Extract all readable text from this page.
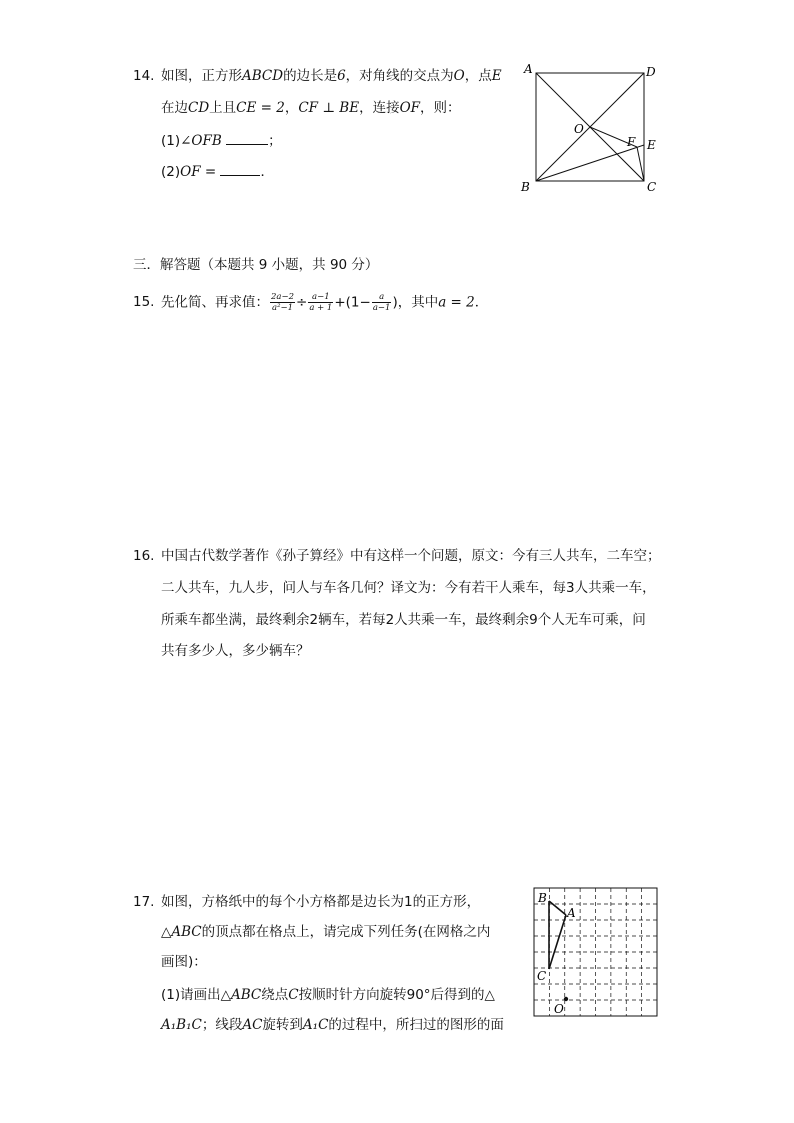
14. 如图，正方形ABCD的边长是6，对角线的交点为O，点E
在边CD上且CE = 2，CF ⊥ BE，连接OF，则：
(1)∠OFB	；
(2)OF =	．
A	D
B	C
O
F E
三．解答题（本题共 9 小题，共 90 分）
15. 先化简、再求值： $\frac{2a-2}{\text{a²−1}} \div \frac{a-1}{a + 1} +(1- \frac{a}{a-1}$ )，其中a = 2．
16. 中国古代数学著作《孙子算经》中有这样一个问题，原文：今有三人共车，二车空；
二人共车，九人步，问人与车各几何？译文为：今有若干人乘车，每3人共乘一车，
所乘车都坐满，最终剩余2辆车，若每2人共乘一车，最终剩余9个人无车可乘，问
共有多少人，多少辆车？
17. 如图，方格纸中的每个小方格都是边长为1的正方形，
△ABC的顶点都在格点上，请完成下列任务(在网格之内
画图)：
(1)请画出△ABC绕点C按顺时针方向旋转90°后得到的△
A₁B₁C；线段AC旋转到A₁C的过程中，所扫过的图形的面
B
A
C
O
